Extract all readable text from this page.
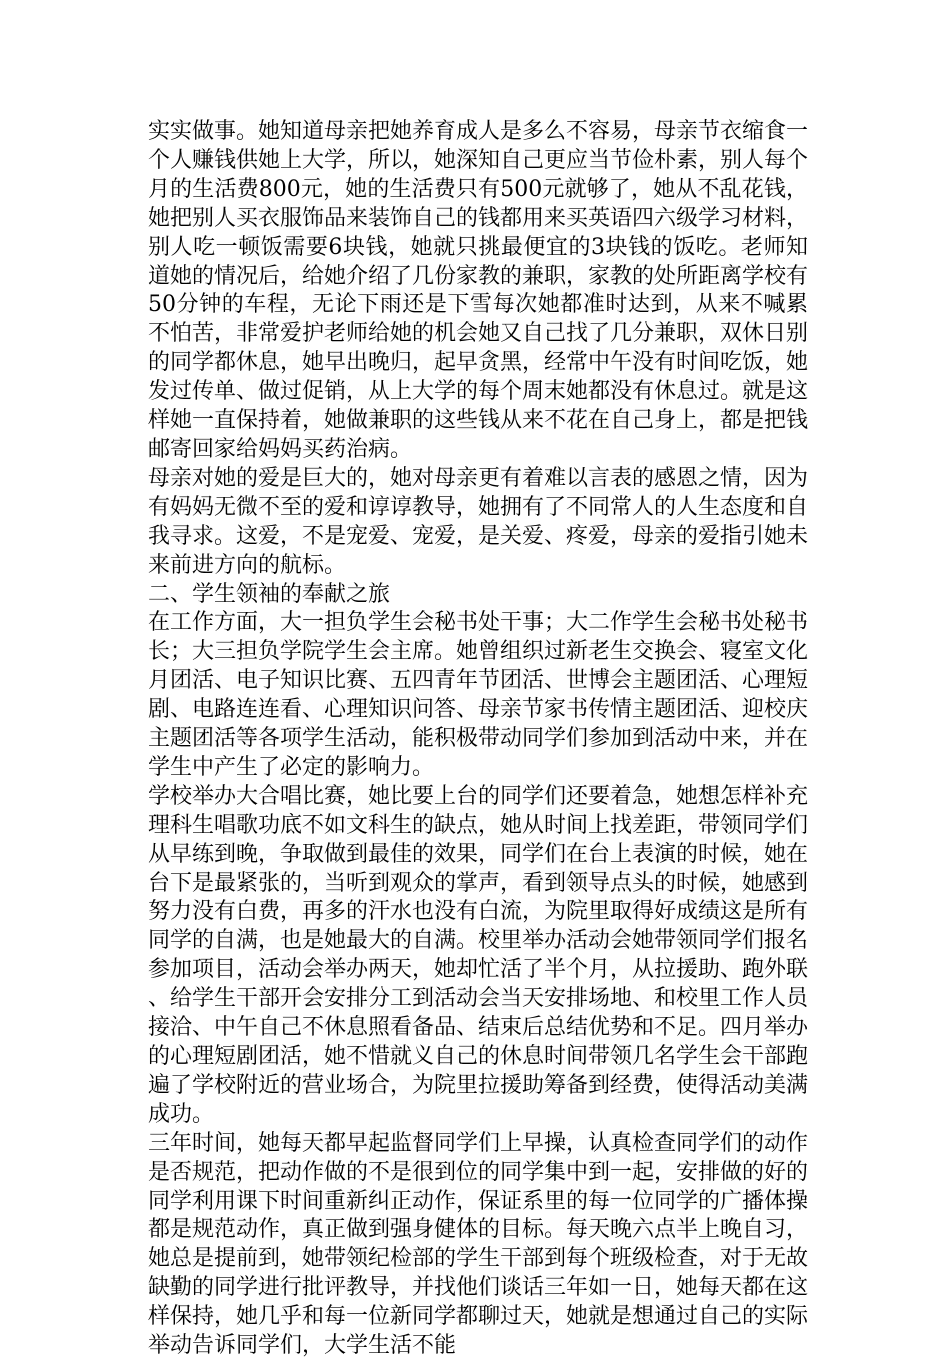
实实做事。她知道母亲把她养育成人是多么不容易，母亲节衣缩食一个人赚钱供她上大学，所以，她深知自己更应当节俭朴素，别人每个月的生活费800元，她的生活费只有500元就够了，她从不乱花钱，她把别人买衣服饰品来装饰自己的钱都用来买英语四六级学习材料，别人吃一顿饭需要6块钱，她就只挑最便宜的3块钱的饭吃。老师知道她的情况后，给她介绍了几份家教的兼职，家教的处所距离学校有50分钟的车程，无论下雨还是下雪每次她都准时达到，从来不喊累不怕苦，非常爱护老师给她的机会她又自己找了几分兼职，双休日别的同学都休息，她早出晚归，起早贪黑，经常中午没有时间吃饭，她发过传单、做过促销，从上大学的每个周末她都没有休息过。就是这样她一直保持着，她做兼职的这些钱从来不花在自己身上，都是把钱邮寄回家给妈妈买药治病。

母亲对她的爱是巨大的，她对母亲更有着难以言表的感恩之情，因为有妈妈无微不至的爱和谆谆教导，她拥有了不同常人的人生态度和自我寻求。这爱，不是宠爱、宠爱，是关爱、疼爱，母亲的爱指引她未来前进方向的航标。

二、学生领袖的奉献之旅

在工作方面，大一担负学生会秘书处干事；大二作学生会秘书处秘书长；大三担负学院学生会主席。她曾组织过新老生交换会、寝室文化月团活、电子知识比赛、五四青年节团活、世博会主题团活、心理短剧、电路连连看、心理知识问答、母亲节家书传情主题团活、迎校庆主题团活等各项学生活动，能积极带动同学们参加到活动中来，并在学生中产生了必定的影响力。

学校举办大合唱比赛，她比要上台的同学们还要着急，她想怎样补充理科生唱歌功底不如文科生的缺点，她从时间上找差距，带领同学们从早练到晚，争取做到最佳的效果，同学们在台上表演的时候，她在台下是最紧张的，当听到观众的掌声，看到领导点头的时候，她感到努力没有白费，再多的汗水也没有白流，为院里取得好成绩这是所有同学的自满，也是她最大的自满。校里举办活动会她带领同学们报名参加项目，活动会举办两天，她却忙活了半个月，从拉援助、跑外联、给学生干部开会安排分工到活动会当天安排场地、和校里工作人员接洽、中午自己不休息照看备品、结束后总结优势和不足。四月举办的心理短剧团活，她不惜就义自己的休息时间带领几名学生会干部跑遍了学校附近的营业场合，为院里拉援助筹备到经费，使得活动美满成功。

三年时间，她每天都早起监督同学们上早操，认真检查同学们的动作是否规范，把动作做的不是很到位的同学集中到一起，安排做的好的同学利用课下时间重新纠正动作，保证系里的每一位同学的广播体操都是规范动作，真正做到强身健体的目标。每天晚六点半上晚自习，她总是提前到，她带领纪检部的学生干部到每个班级检查，对于无故缺勤的同学进行批评教导，并找他们谈话三年如一日，她每天都在这样保持，她几乎和每一位新同学都聊过天，她就是想通过自己的实际举动告诉同学们，大学生活不能
